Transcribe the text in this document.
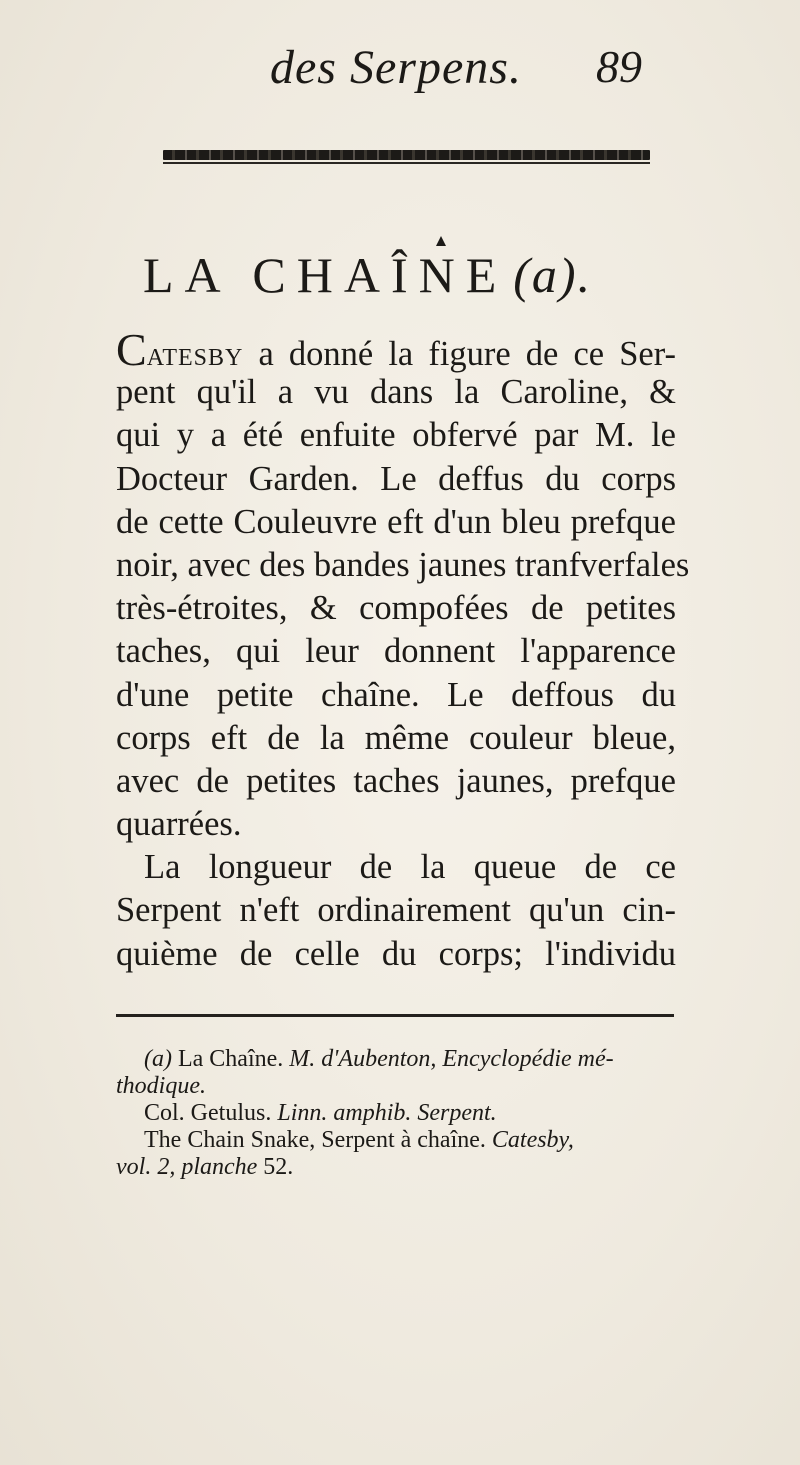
des Serpens. 89
LA CHAÎNE (a).
CATESBY a donné la figure de ce Ser-
pent qu'il a vu dans la Caroline, &
qui y a été enfuite obfervé par M. le
Docteur Garden. Le deffus du corps
de cette Couleuvre eft d'un bleu prefque
noir, avec des bandes jaunes tranfverfales
très-étroites, & compofées de petites
taches, qui leur donnent l'apparence
d'une petite chaîne. Le deffous du
corps eft de la même couleur bleue,
avec de petites taches jaunes, prefque
quarrées.
La longueur de la queue de ce
Serpent n'eft ordinairement qu'un cin-
quième de celle du corps; l'individu
(a) La Chaîne. M. d'Aubenton, Encyclopédie mé-
thodique.
Col. Getulus. Linn. amphib. Serpent.
The Chain Snake, Serpent à chaîne. Catesby,
vol. 2, planche 52.
